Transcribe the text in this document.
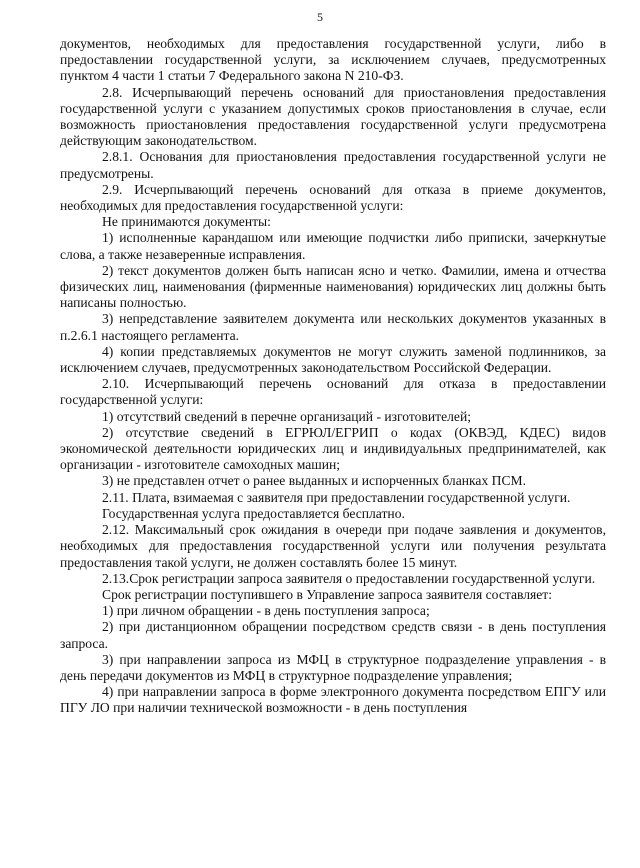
5

документов, необходимых для предоставления государственной услуги, либо в предоставлении государственной услуги, за исключением случаев, предусмотренных пунктом 4 части 1 статьи 7 Федерального закона N 210-ФЗ.

2.8. Исчерпывающий перечень оснований для приостановления предоставления государственной услуги с указанием допустимых сроков приостановления в случае, если возможность приостановления предоставления государственной услуги предусмотрена действующим законодательством.

2.8.1. Основания для приостановления предоставления государственной услуги не предусмотрены.

2.9. Исчерпывающий перечень оснований для отказа в приеме документов, необходимых для предоставления государственной услуги:

Не принимаются документы:

1) исполненные карандашом или имеющие подчистки либо приписки, зачеркнутые слова, а также незаверенные исправления.

2) текст документов должен быть написан ясно и четко. Фамилии, имена и отчества физических лиц, наименования (фирменные наименования) юридических лиц должны быть написаны полностью.

3) непредставление заявителем документа или нескольких документов указанных в п.2.6.1 настоящего регламента.

4) копии представляемых документов не могут служить заменой подлинников, за исключением случаев, предусмотренных законодательством Российской Федерации.

2.10. Исчерпывающий перечень оснований для отказа в предоставлении государственной услуги:

1) отсутствий сведений в перечне организаций - изготовителей;

2) отсутствие сведений в ЕГРЮЛ/ЕГРИП о кодах (ОКВЭД, КДЕС) видов экономической деятельности юридических лиц и индивидуальных предпринимателей, как организации - изготовителе самоходных машин;

3) не представлен отчет о ранее выданных и испорченных бланках ПСМ.

2.11. Плата, взимаемая с заявителя при предоставлении государственной услуги.

Государственная услуга предоставляется бесплатно.

2.12. Максимальный срок ожидания в очереди при подаче заявления и документов, необходимых для предоставления государственной услуги или получения результата предоставления такой услуги, не должен составлять более 15 минут.

2.13.Срок регистрации запроса заявителя о предоставлении государственной услуги.

Срок регистрации поступившего в Управление запроса заявителя составляет:

1) при личном обращении - в день поступления запроса;

2) при дистанционном обращении посредством средств связи - в день поступления запроса.

3) при направлении запроса из МФЦ в структурное подразделение управления - в день передачи документов из МФЦ в структурное подразделение управления;

4) при направлении запроса в форме электронного документа посредством ЕПГУ или ПГУ ЛО при наличии технической возможности - в день поступления
